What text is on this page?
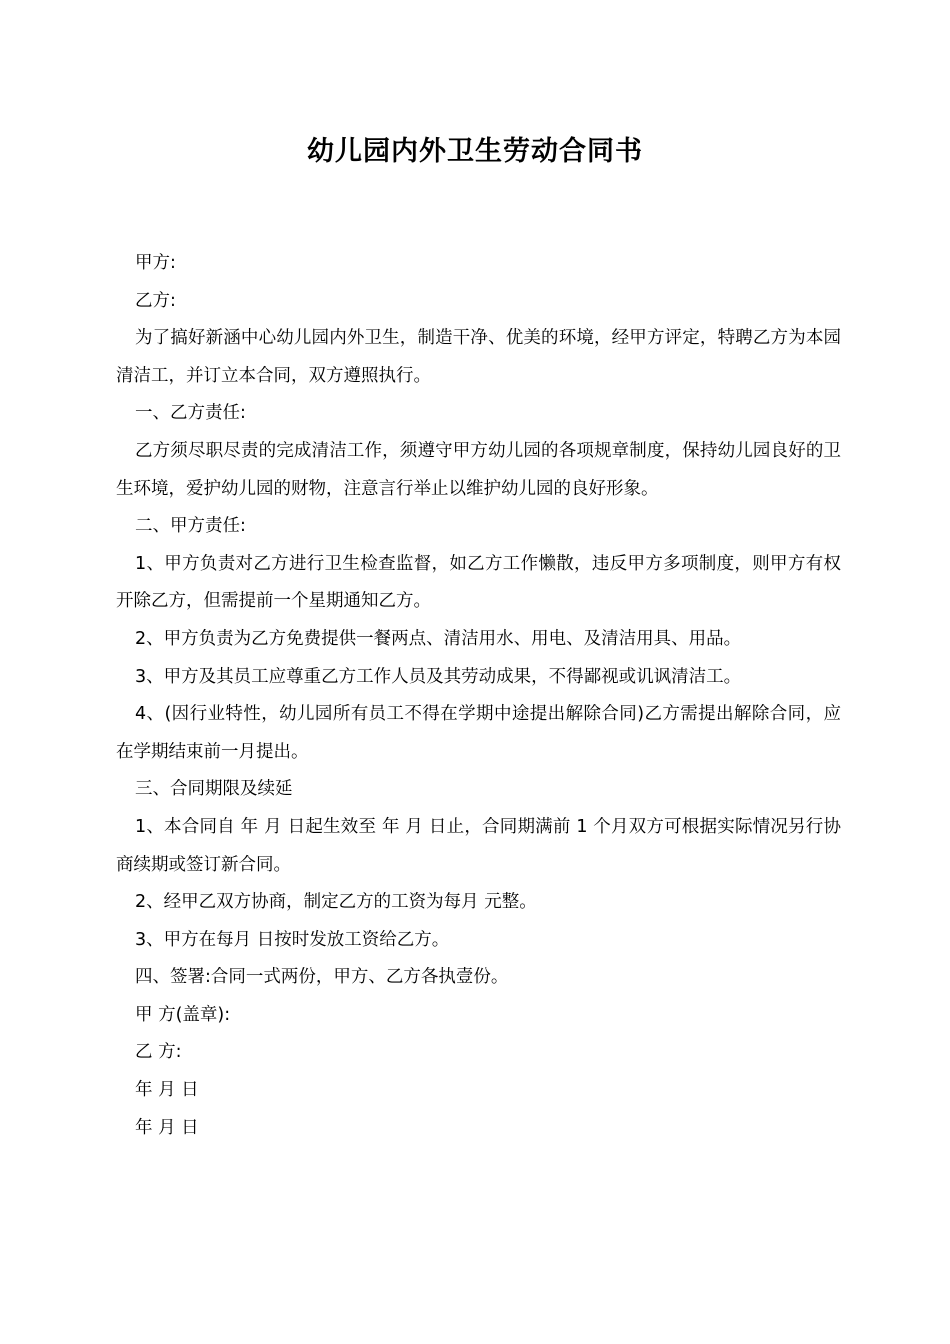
幼儿园内外卫生劳动合同书

甲方:

乙方:

为了搞好新涵中心幼儿园内外卫生，制造干净、优美的环境，经甲方评定，特聘乙方为本园清洁工，并订立本合同，双方遵照执行。

一、乙方责任:

乙方须尽职尽责的完成清洁工作，须遵守甲方幼儿园的各项规章制度，保持幼儿园良好的卫生环境，爱护幼儿园的财物，注意言行举止以维护幼儿园的良好形象。

二、甲方责任:

1、甲方负责对乙方进行卫生检查监督，如乙方工作懒散，违反甲方多项制度，则甲方有权开除乙方，但需提前一个星期通知乙方。

2、甲方负责为乙方免费提供一餐两点、清洁用水、用电、及清洁用具、用品。

3、甲方及其员工应尊重乙方工作人员及其劳动成果，不得鄙视或讥讽清洁工。

4、(因行业特性，幼儿园所有员工不得在学期中途提出解除合同)乙方需提出解除合同，应在学期结束前一月提出。

三、合同期限及续延

1、本合同自 年 月 日起生效至 年 月 日止，合同期满前 1 个月双方可根据实际情况另行协商续期或签订新合同。

2、经甲乙双方协商，制定乙方的工资为每月 元整。

3、甲方在每月 日按时发放工资给乙方。

四、签署:合同一式两份，甲方、乙方各执壹份。

甲 方(盖章):

乙 方:

年 月 日

年 月 日
